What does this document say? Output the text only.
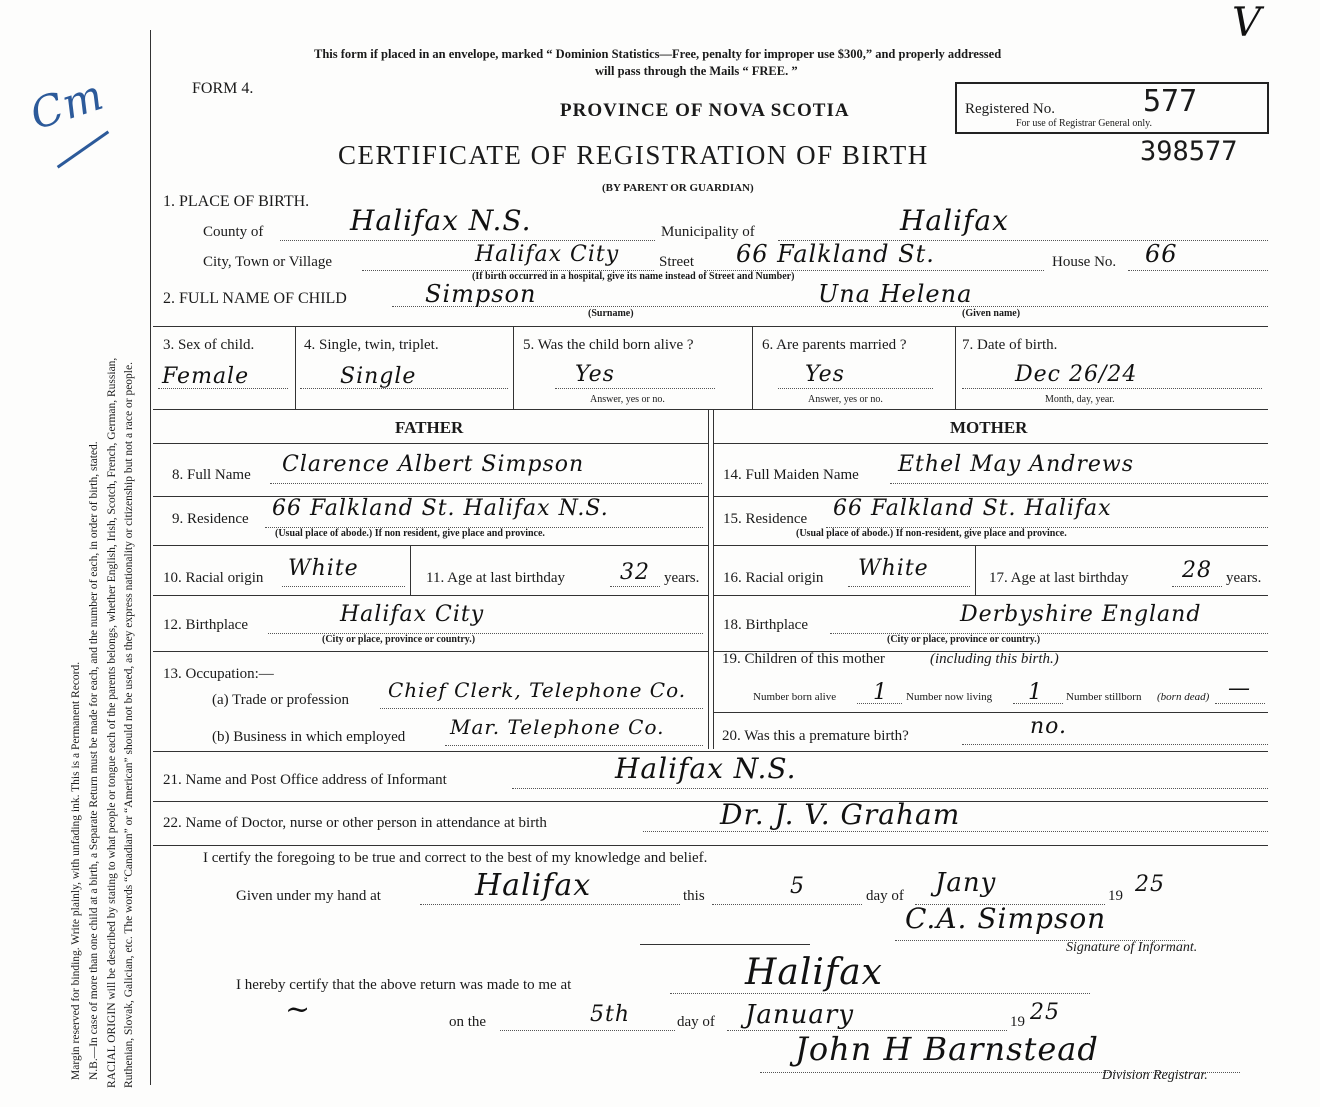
Margin reserved for binding. Write plainly, with unfading ink. This is a Permanent Record. N.B.—In case of more than one child at a birth, a Separate Return must be made for each, and the number of each, in order of birth, stated. RACIAL ORIGIN will be described by stating to what people or tongue each of the parents belongs, whether English, Irish, Scotch, French, German, Russian, Ruthenian, Slovak, Galician, etc. The words “Canadian” or “American” should not be used, as they express nationality or citizenship but not a race or people.
Cm
V
This form if placed in an envelope, marked “ Dominion Statistics—Free, penalty for improper use $300,” and properly addressed
will pass through the Mails “ FREE. ”
FORM 4.
PROVINCE OF NOVA SCOTIA
CERTIFICATE OF REGISTRATION OF BIRTH
(BY PARENT OR GUARDIAN)
Registered No.	577
For use of Registrar General only.
398577
1. PLACE OF BIRTH.
County of	Halifax N.S.	Municipality of	Halifax
City, Town or Village	Halifax City	Street 66 Falkland St.	House No. 66
(If birth occurred in a hospital, give its name instead of Street and Number)
2. FULL NAME OF CHILD	Simpson	Una Helena
(Surname)	(Given name)
3. Sex of child.
Female
4. Single, twin, triplet.
Single
5. Was the child born alive ?
Yes
Answer, yes or no.
6. Are parents married ?
Yes
Answer, yes or no.
7. Date of birth.
Dec 26/24
Month, day, year.
FATHER	MOTHER
8. Full Name Clarence Albert Simpson
9. Residence 66 Falkland St. Halifax N.S.
(Usual place of abode.) If non resident, give place and province.
10. Racial origin White	11. Age at last birthday	32 years.
12. Birthplace	Halifax City
(City or place, province or country.)
13. Occupation:—
(a) Trade or profession Chief Clerk, Telephone Co.
(b) Business in which employed Mar. Telephone Co.
14. Full Maiden Name Ethel May Andrews
15. Residence 66 Falkland St. Halifax
(Usual place of abode.) If non-resident, give place and province.
16. Racial origin White	17. Age at last birthday 28 years.
18. Birthplace	Derbyshire England
(City or place, province or country.)
19. Children of this mother	(including this birth.)
Number born alive 1 Number now living 1 Number stillborn (born dead) —
20. Was this a premature birth?	no.
21. Name and Post Office address of Informant	Halifax N.S.
22. Name of Doctor, nurse or other person in attendance at birth	Dr. J. V. Graham
I certify the foregoing to be true and correct to the best of my knowledge and belief.
Given under my hand at	Halifax	this	5	day of Jany	19 25
C.A. Simpson
Signature of Informant.
I hereby certify that the above return was made to me at	Halifax
~	on the	5th	day of January	19 25
John H Barnstead
Division Registrar.
